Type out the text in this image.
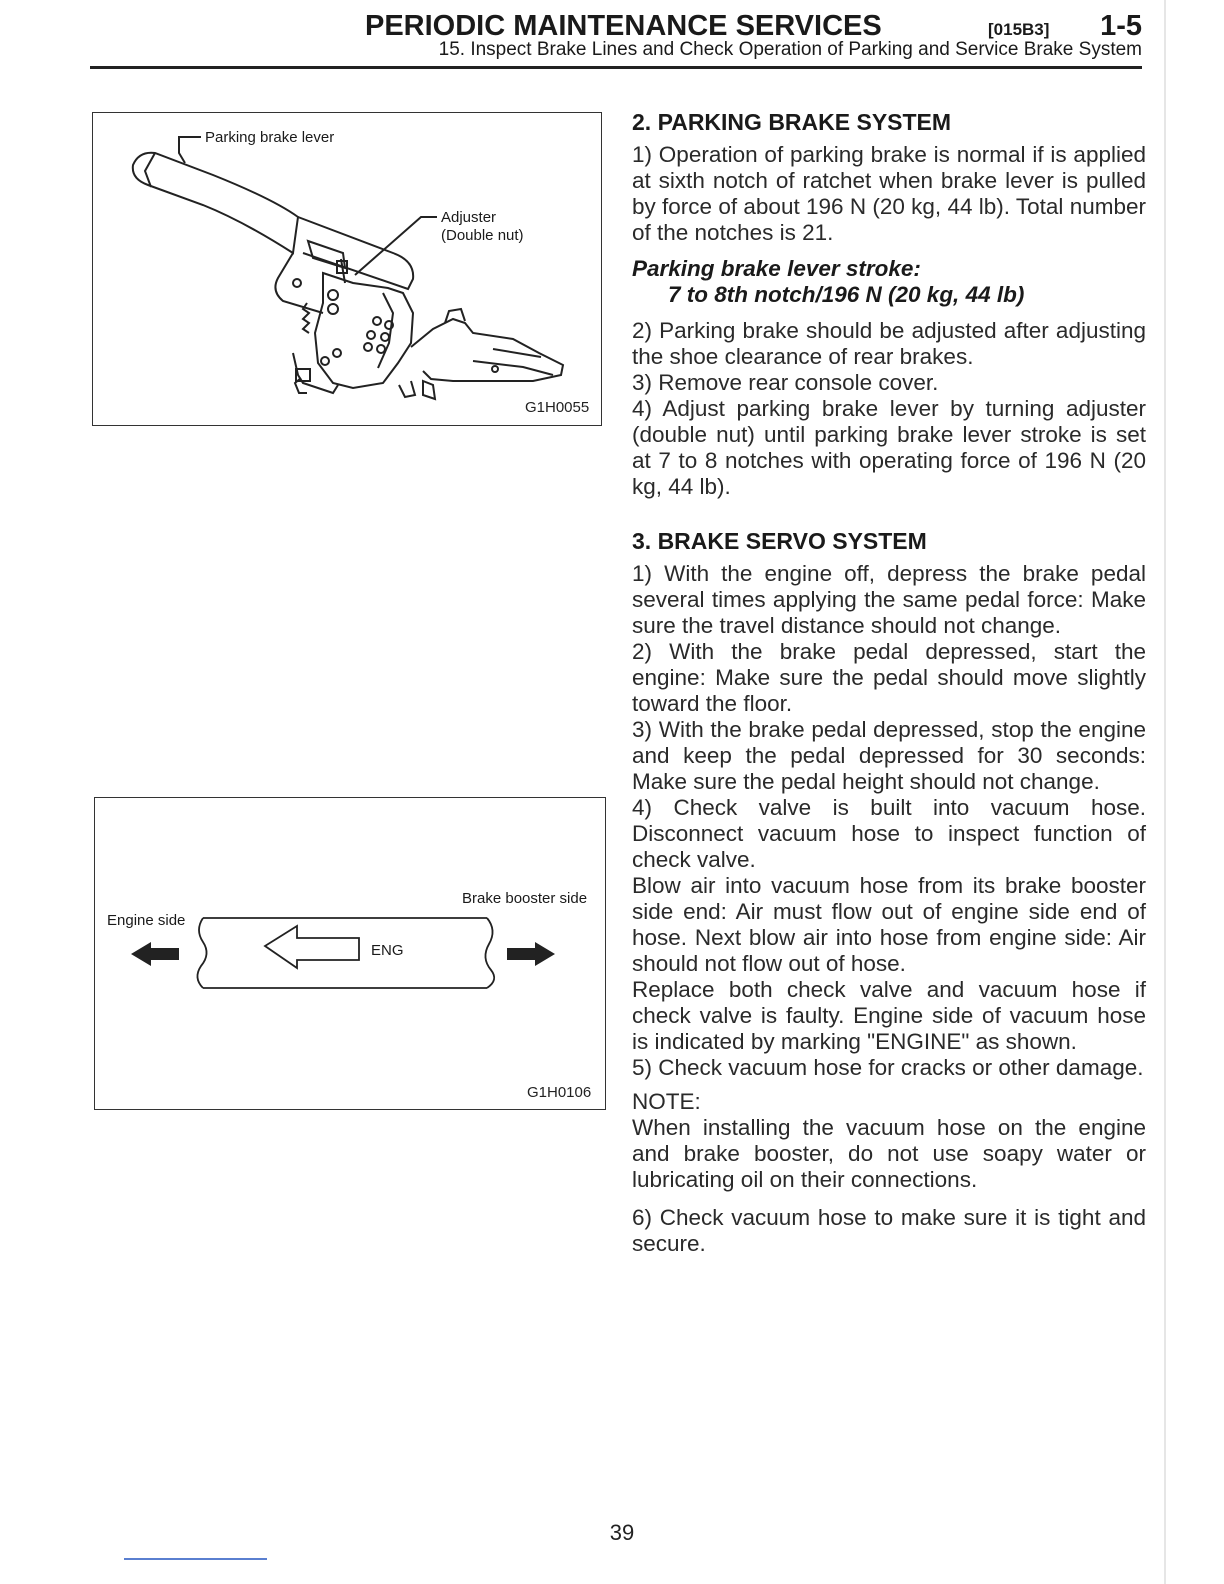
PERIODIC MAINTENANCE SERVICES	[015B3] 1-5
15. Inspect Brake Lines and Check Operation of Parking and Service Brake System
Parking brake lever
Adjuster
(Double nut)
G1H0055
Engine side
Brake booster side
ENG
G1H0106
2. PARKING BRAKE SYSTEM

1) Operation of parking brake is normal if is applied at sixth notch of ratchet when brake lever is pulled by force of about 196 N (20 kg, 44 lb). Total number of the notches is 21.

Parking brake lever stroke:
7 to 8th notch/196 N (20 kg, 44 lb)

2) Parking brake should be adjusted after adjusting the shoe clearance of rear brakes.

3) Remove rear console cover.

4) Adjust parking brake lever by turning adjuster (double nut) until parking brake lever stroke is set at 7 to 8 notches with operating force of 196 N (20 kg, 44 lb).

3. BRAKE SERVO SYSTEM

1) With the engine off, depress the brake pedal several times applying the same pedal force: Make sure the travel distance should not change.

2) With the brake pedal depressed, start the engine: Make sure the pedal should move slightly toward the floor.

3) With the brake pedal depressed, stop the engine and keep the pedal depressed for 30 seconds: Make sure the pedal height should not change.

4) Check valve is built into vacuum hose. Disconnect vacuum hose to inspect function of check valve.

Blow air into vacuum hose from its brake booster side end: Air must flow out of engine side end of hose. Next blow air into hose from engine side: Air should not flow out of hose.

Replace both check valve and vacuum hose if check valve is faulty. Engine side of vacuum hose is indicated by marking "ENGINE" as shown.

5) Check vacuum hose for cracks or other damage.

NOTE:

When installing the vacuum hose on the engine and brake booster, do not use soapy water or lubricating oil on their connections.

6) Check vacuum hose to make sure it is tight and secure.

39
